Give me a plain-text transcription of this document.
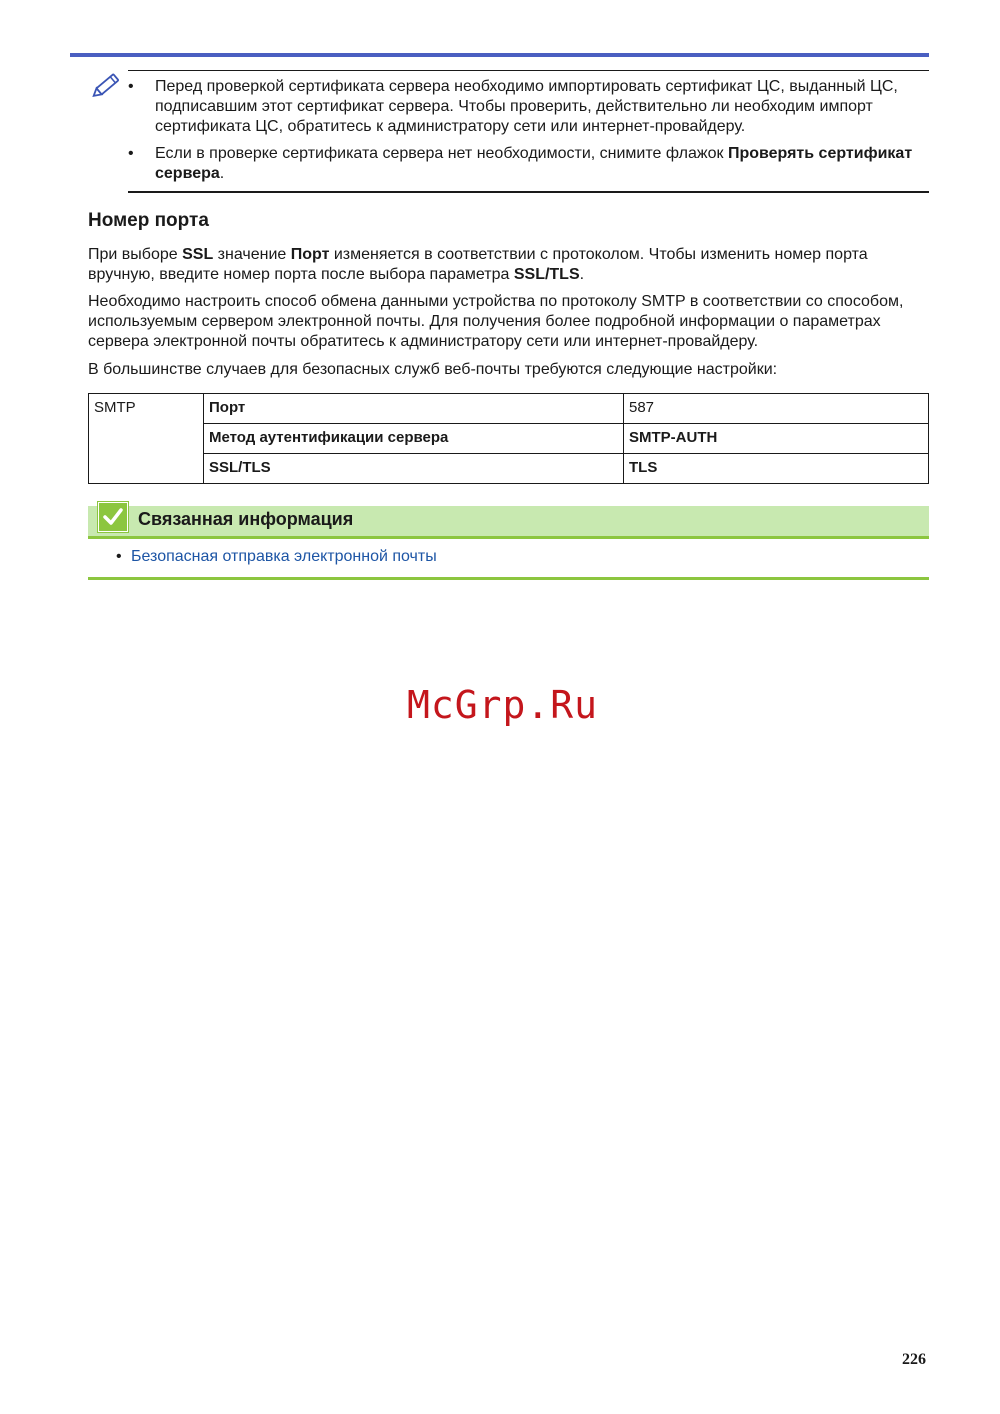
• Перед проверкой сертификата сервера необходимо импортировать сертификат ЦС, выданный ЦС, подписавшим этот сертификат сервера. Чтобы проверить, действительно ли необходим импорт сертификата ЦС, обратитесь к администратору сети или интернет-провайдеру.
• Если в проверке сертификата сервера нет необходимости, снимите флажок Проверять сертификат сервера.
Номер порта

При выборе SSL значение Порт изменяется в соответствии с протоколом. Чтобы изменить номер порта вручную, введите номер порта после выбора параметра SSL/TLS.

Необходимо настроить способ обмена данными устройства по протоколу SMTP в соответствии со способом, используемым сервером электронной почты. Для получения более подробной информации о параметрах сервера электронной почты обратитесь к администратору сети или интернет-провайдеру.

В большинстве случаев для безопасных служб веб-почты требуются следующие настройки:

SMTP	Порт	587
	Метод аутентификации сервера	SMTP-AUTH
	SSL/TLS	TLS
Связанная информация
• Безопасная отправка электронной почты
McGrp.Ru
226
